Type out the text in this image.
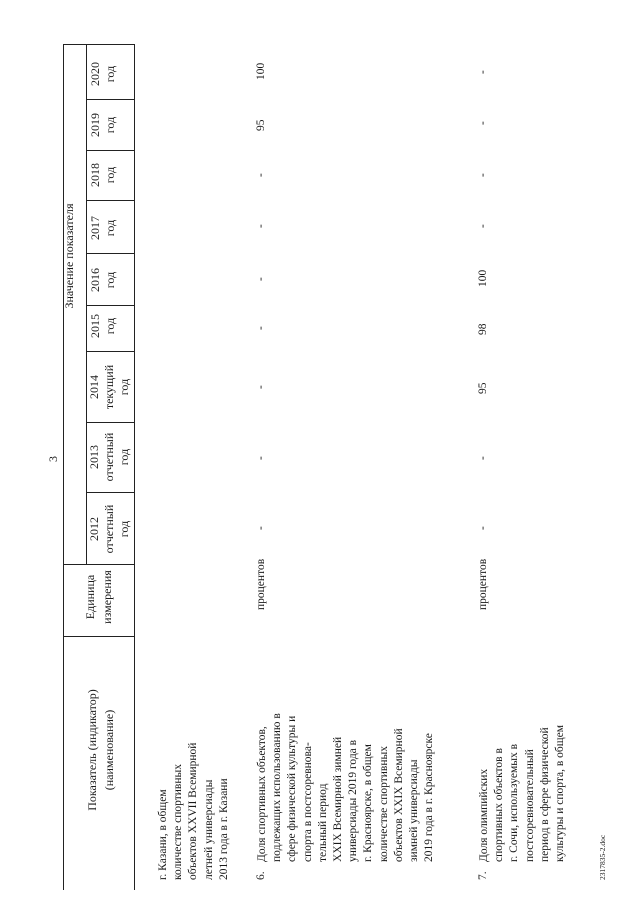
3
Значение показателя
2020 год
2019 год
2018 год
2017 год
2016 год
2015 год
2014 текущий год
2013 отчетный год
2012 отчетный год
Единица измерения
Показатель (индикатор) (наименование)
г. Казани, в общем количестве спортивных объектов XXVII Всемирной летней универсиады 2013 года в г. Казани 6.
Доля спортивных объектов, подлежащих использованию в сфере физической культуры и спорта в постсоревнова- тельный период XXIX Всемирной зимней универсиады 2019 года в г. Красноярске, в общем количестве спортивных объектов XXIX Всемирной зимней универсиады 2019 года в г. Красноярске
процентов
-
-
-
-
-
-
-
95
100
7.
Доля олимпийских спортивных объектов в г. Сочи, используемых в постсоревновательный период в сфере физической культуры и спорта, в общем
процентов
-
-
95
98
100
-
-
-
-
2317835-2.doc
